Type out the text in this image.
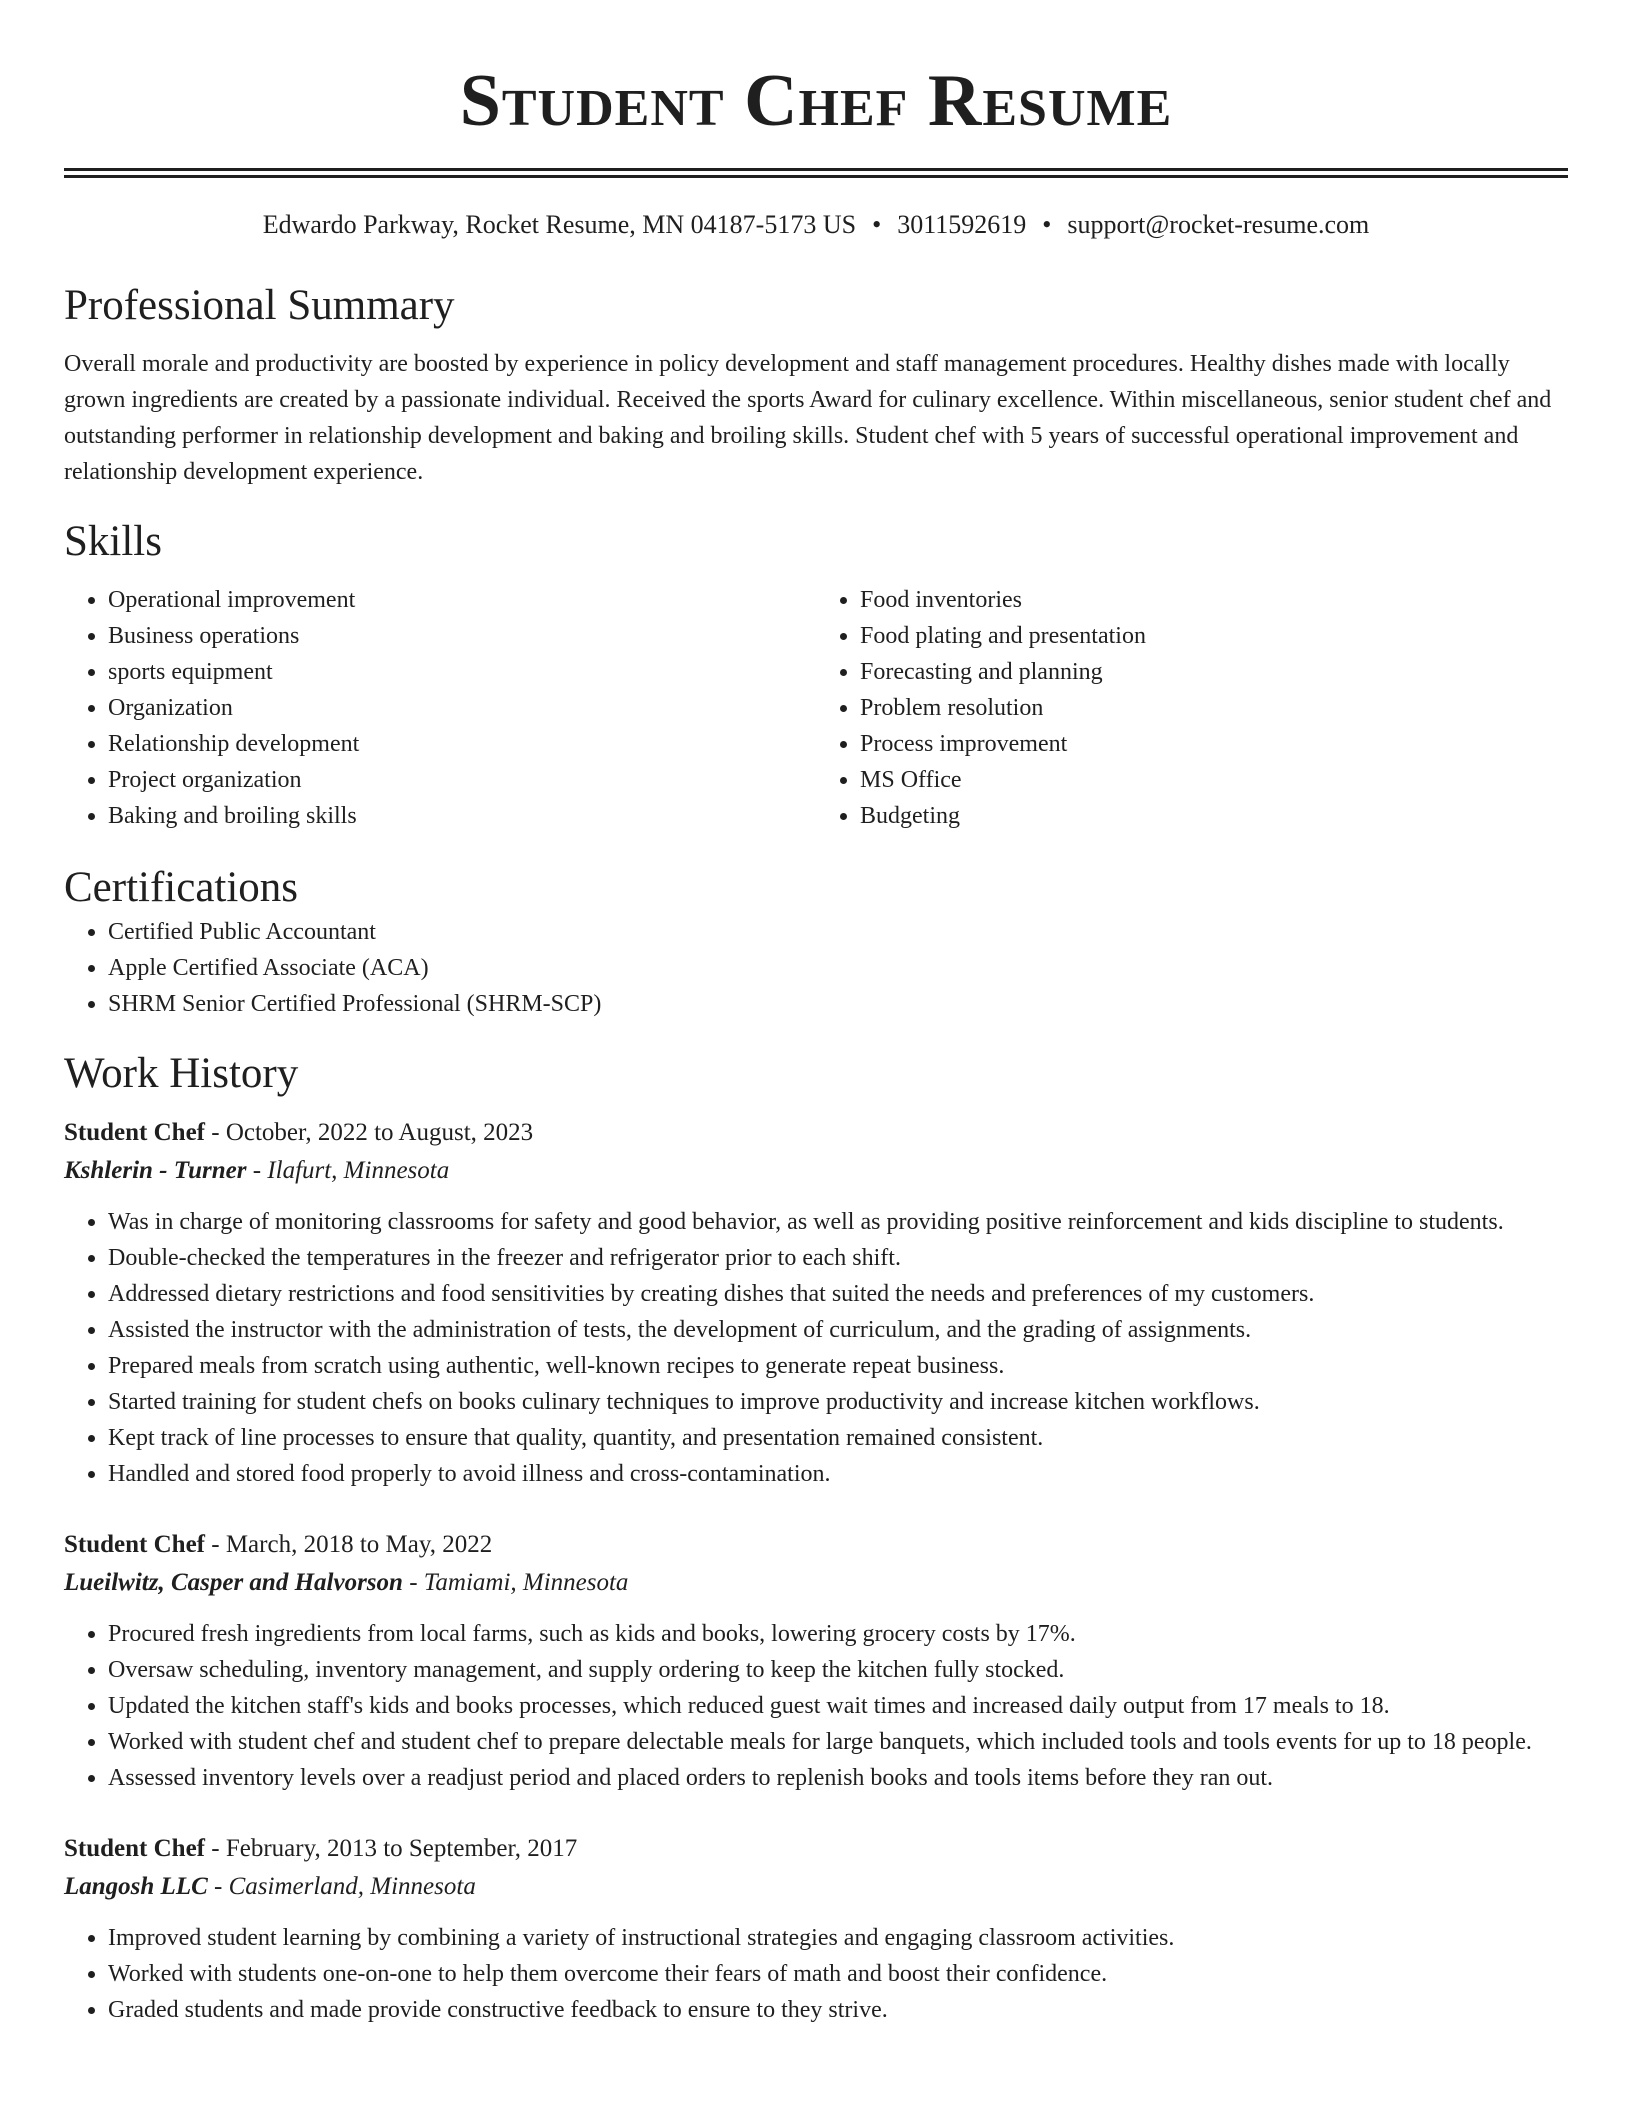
Student Chef Resume
Edwardo Parkway, Rocket Resume, MN 04187-5173 US • 3011592619 • support@rocket-resume.com
Professional Summary
Overall morale and productivity are boosted by experience in policy development and staff management procedures. Healthy dishes made with locally grown ingredients are created by a passionate individual. Received the sports Award for culinary excellence. Within miscellaneous, senior student chef and outstanding performer in relationship development and baking and broiling skills. Student chef with 5 years of successful operational improvement and relationship development experience.
Skills
• Operational improvement
• Business operations
• sports equipment
• Organization
• Relationship development
• Project organization
• Baking and broiling skills
• Food inventories
• Food plating and presentation
• Forecasting and planning
• Problem resolution
• Process improvement
• MS Office
• Budgeting
Certifications
• Certified Public Accountant
• Apple Certified Associate (ACA)
• SHRM Senior Certified Professional (SHRM-SCP)
Work History
Student Chef - October, 2022 to August, 2023
Kshlerin - Turner - Ilafurt, Minnesota
• Was in charge of monitoring classrooms for safety and good behavior, as well as providing positive reinforcement and kids discipline to students.
• Double-checked the temperatures in the freezer and refrigerator prior to each shift.
• Addressed dietary restrictions and food sensitivities by creating dishes that suited the needs and preferences of my customers.
• Assisted the instructor with the administration of tests, the development of curriculum, and the grading of assignments.
• Prepared meals from scratch using authentic, well-known recipes to generate repeat business.
• Started training for student chefs on books culinary techniques to improve productivity and increase kitchen workflows.
• Kept track of line processes to ensure that quality, quantity, and presentation remained consistent.
• Handled and stored food properly to avoid illness and cross-contamination.
Student Chef - March, 2018 to May, 2022
Lueilwitz, Casper and Halvorson - Tamiami, Minnesota
• Procured fresh ingredients from local farms, such as kids and books, lowering grocery costs by 17%.
• Oversaw scheduling, inventory management, and supply ordering to keep the kitchen fully stocked.
• Updated the kitchen staff's kids and books processes, which reduced guest wait times and increased daily output from 17 meals to 18.
• Worked with student chef and student chef to prepare delectable meals for large banquets, which included tools and tools events for up to 18 people.
• Assessed inventory levels over a readjust period and placed orders to replenish books and tools items before they ran out.
Student Chef - February, 2013 to September, 2017
Langosh LLC - Casimerland, Minnesota
• Improved student learning by combining a variety of instructional strategies and engaging classroom activities.
• Worked with students one-on-one to help them overcome their fears of math and boost their confidence.
• Graded students and made provide constructive feedback to ensure to they strive.
